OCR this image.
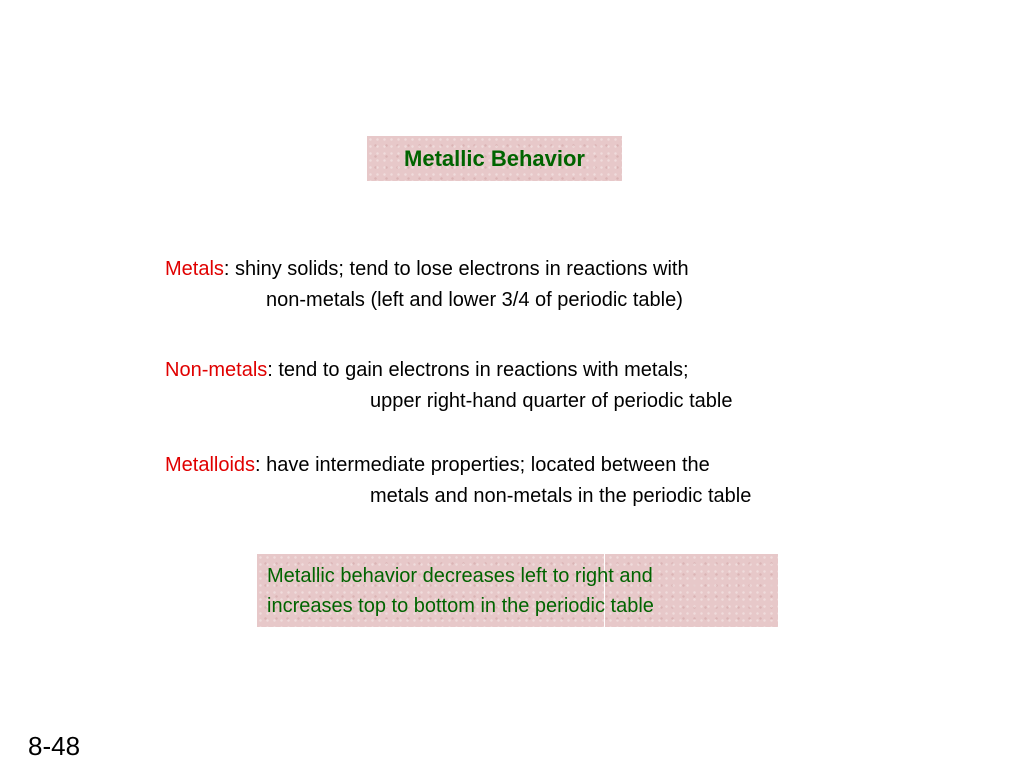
Metallic Behavior
Metals: shiny solids; tend to lose electrons in reactions with
non-metals (left and lower 3/4 of periodic table)
Non-metals: tend to gain electrons in reactions with metals;
upper right-hand quarter of periodic table
Metalloids: have intermediate properties; located between the
metals and non-metals in the periodic table
Metallic behavior decreases left to right and
increases top to bottom in the periodic table
8-48
